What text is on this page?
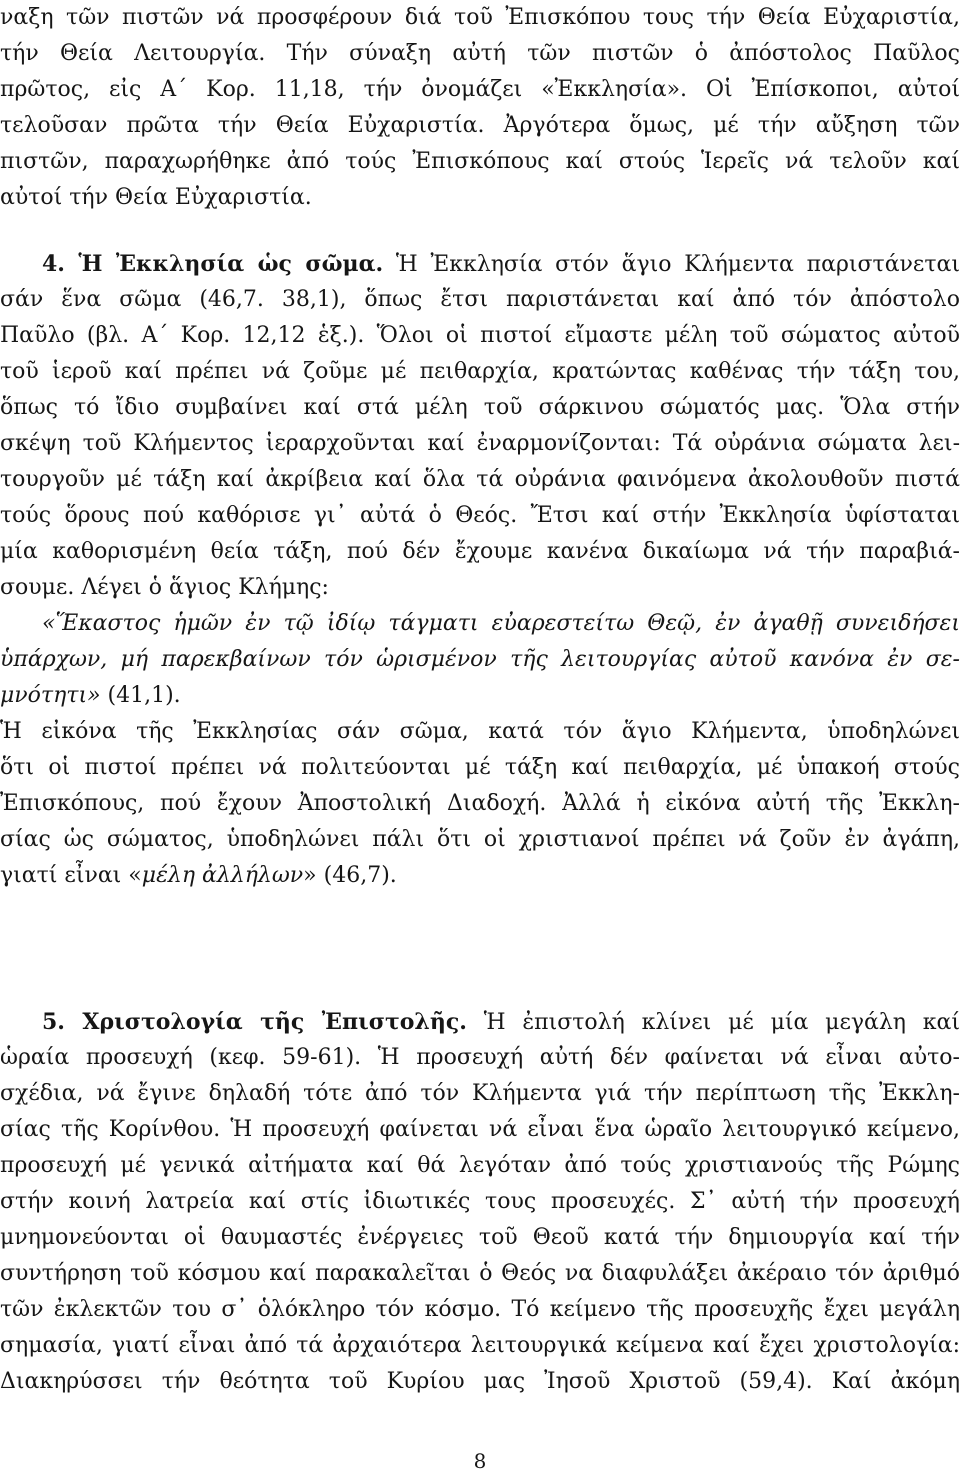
ναξη τῶν πιστῶν νά προσφέρουν διά τοῦ Ἐπισκόπου τους τήν Θεία Εὐχαριστία,
τήν Θεία Λειτουργία. Τήν σύναξη αὐτή τῶν πιστῶν ὁ ἀπόστολος Παῦλος
πρῶτος, εἰς Α΄ Κορ. 11,18, τήν ὀνομάζει «Ἐκκλησία». Οἱ Ἐπίσκοποι, αὐτοί
τελοῦσαν πρῶτα τήν Θεία Εὐχαριστία. Ἀργότερα ὅμως, μέ τήν αὔξηση τῶν
πιστῶν, παραχωρήθηκε ἀπό τούς Ἐπισκόπους καί στούς Ἱερεῖς νά τελοῦν καί
αὐτοί τήν Θεία Εὐχαριστία.
4. Ἡ Ἐκκλησία ὡς σῶμα. Ἡ Ἐκκλησία στόν ἅγιο Κλήμεντα παριστάνεται
σάν ἕνα σῶμα (46,7. 38,1), ὅπως ἔτσι παριστάνεται καί ἀπό τόν ἀπόστολο
Παῦλο (βλ. Α΄ Κορ. 12,12 ἑξ.). Ὅλοι οἱ πιστοί εἴμαστε μέλη τοῦ σώματος αὐτοῦ
τοῦ ἱεροῦ καί πρέπει νά ζοῦμε μέ πειθαρχία, κρατώντας καθένας τήν τάξη του,
ὅπως τό ἴδιο συμβαίνει καί στά μέλη τοῦ σάρκινου σώματός μας. Ὅλα στήν
σκέψη τοῦ Κλήμεντος ἱεραρχοῦνται καί ἐναρμονίζονται: Τά οὐράνια σώματα λει-
τουργοῦν μέ τάξη καί ἀκρίβεια καί ὅλα τά οὐράνια φαινόμενα ἀκολουθοῦν πιστά
τούς ὅρους πού καθόρισε γι᾿ αὐτά ὁ Θεός. Ἔτσι καί στήν Ἐκκλησία ὑφίσταται
μία καθορισμένη θεία τάξη, πού δέν ἔχουμε κανένα δικαίωμα νά τήν παραβιά-
σουμε. Λέγει ὁ ἅγιος Κλήμης:
«Ἕκαστος ἡμῶν ἐν τῷ ἰδίῳ τάγματι εὐαρεστείτω Θεῷ, ἐν ἀγαθῇ συνειδήσει
ὑπάρχων, μή παρεκβαίνων τόν ὡρισμένον τῆς λειτουργίας αὐτοῦ κανόνα ἐν σε-
μνότητι» (41,1).
Ἡ εἰκόνα τῆς Ἐκκλησίας σάν σῶμα, κατά τόν ἅγιο Κλήμεντα, ὑποδηλώνει
ὅτι οἱ πιστοί πρέπει νά πολιτεύονται μέ τάξη καί πειθαρχία, μέ ὑπακοή στούς
Ἐπισκόπους, πού ἔχουν Ἀποστολική Διαδοχή. Ἀλλά ἡ εἰκόνα αὐτή τῆς Ἐκκλη-
σίας ὡς σώματος, ὑποδηλώνει πάλι ὅτι οἱ χριστιανοί πρέπει νά ζοῦν ἐν ἀγάπη,
γιατί εἶναι «μέλη ἀλλήλων» (46,7).
5. Χριστολογία τῆς Ἐπιστολῆς. Ἡ ἐπιστολή κλίνει μέ μία μεγάλη καί
ὡραία προσευχή (κεφ. 59-61). Ἡ προσευχή αὐτή δέν φαίνεται νά εἶναι αὐτο-
σχέδια, νά ἔγινε δηλαδή τότε ἀπό τόν Κλήμεντα γιά τήν περίπτωση τῆς Ἐκκλη-
σίας τῆς Κορίνθου. Ἡ προσευχή φαίνεται νά εἶναι ἕνα ὡραῖο λειτουργικό κείμενο,
προσευχή μέ γενικά αἰτήματα καί θά λεγόταν ἀπό τούς χριστιανούς τῆς Ρώμης
στήν κοινή λατρεία καί στίς ἰδιωτικές τους προσευχές. Σ᾿ αὐτή τήν προσευχή
μνημονεύονται οἱ θαυμαστές ἐνέργειες τοῦ Θεοῦ κατά τήν δημιουργία καί τήν
συντήρηση τοῦ κόσμου καί παρακαλεῖται ὁ Θεός να διαφυλάξει ἀκέραιο τόν ἀριθμό
τῶν ἐκλεκτῶν του σ᾿ ὁλόκληρο τόν κόσμο. Τό κείμενο τῆς προσευχῆς ἔχει μεγάλη
σημασία, γιατί εἶναι ἀπό τά ἀρχαιότερα λειτουργικά κείμενα καί ἔχει χριστολογία:
Διακηρύσσει τήν θεότητα τοῦ Κυρίου μας Ἰησοῦ Χριστοῦ (59,4). Καί ἀκόμη
8
